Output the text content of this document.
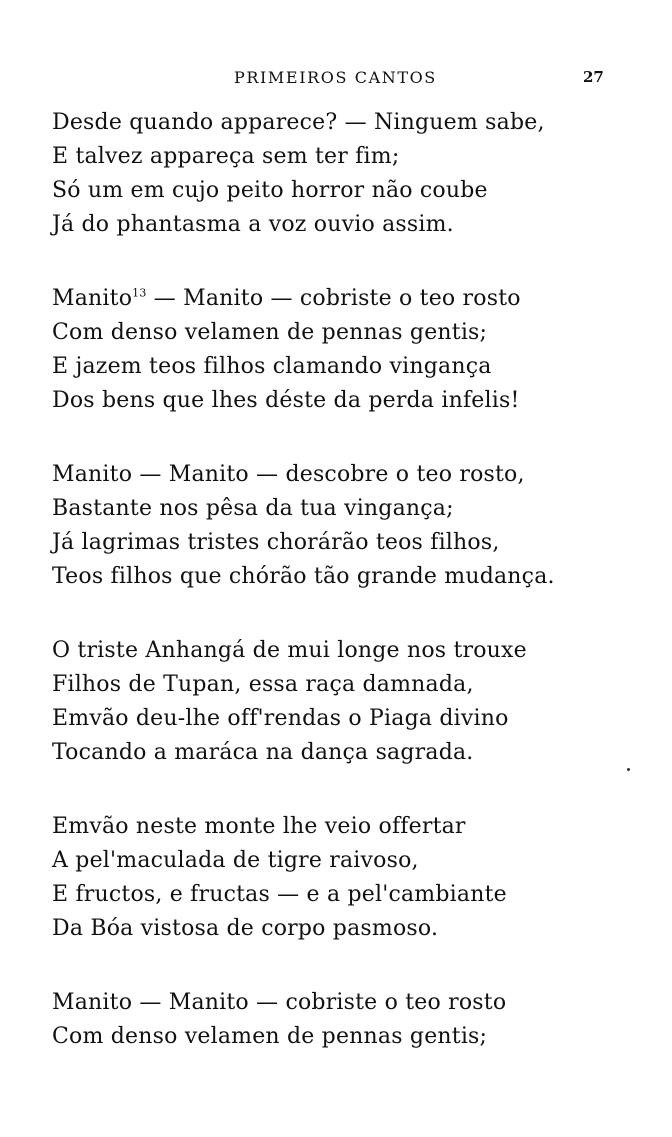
PRIMEIROS CANTOS	27
Desde quando apparece? — Ninguem sabe,
E talvez appareça sem ter fim;
Só um em cujo peito horror não coube
Já do phantasma a voz ouvio assim.
Manito$^{13}$ — Manito — cobriste o teo rosto
Com denso velamen de pennas gentis;
E jazem teos filhos clamando vingança
Dos bens que lhes déste da perda infelis!
Manito — Manito — descobre o teo rosto,
Bastante nos pêsa da tua vingança;
Já lagrimas tristes chorárão teos filhos,
Teos filhos que chórão tão grande mudança.
O triste Anhangá de mui longe nos trouxe
Filhos de Tupan, essa raça damnada,
Emvão deu-lhe off'rendas o Piaga divino
Tocando a maráca na dança sagrada.
Emvão neste monte lhe veio offertar
A pel'maculada de tigre raivoso,
E fructos, e fructas — e a pel'cambiante
Da Bóa vistosa de corpo pasmoso.
Manito — Manito — cobriste o teo rosto
Com denso velamen de pennas gentis;
